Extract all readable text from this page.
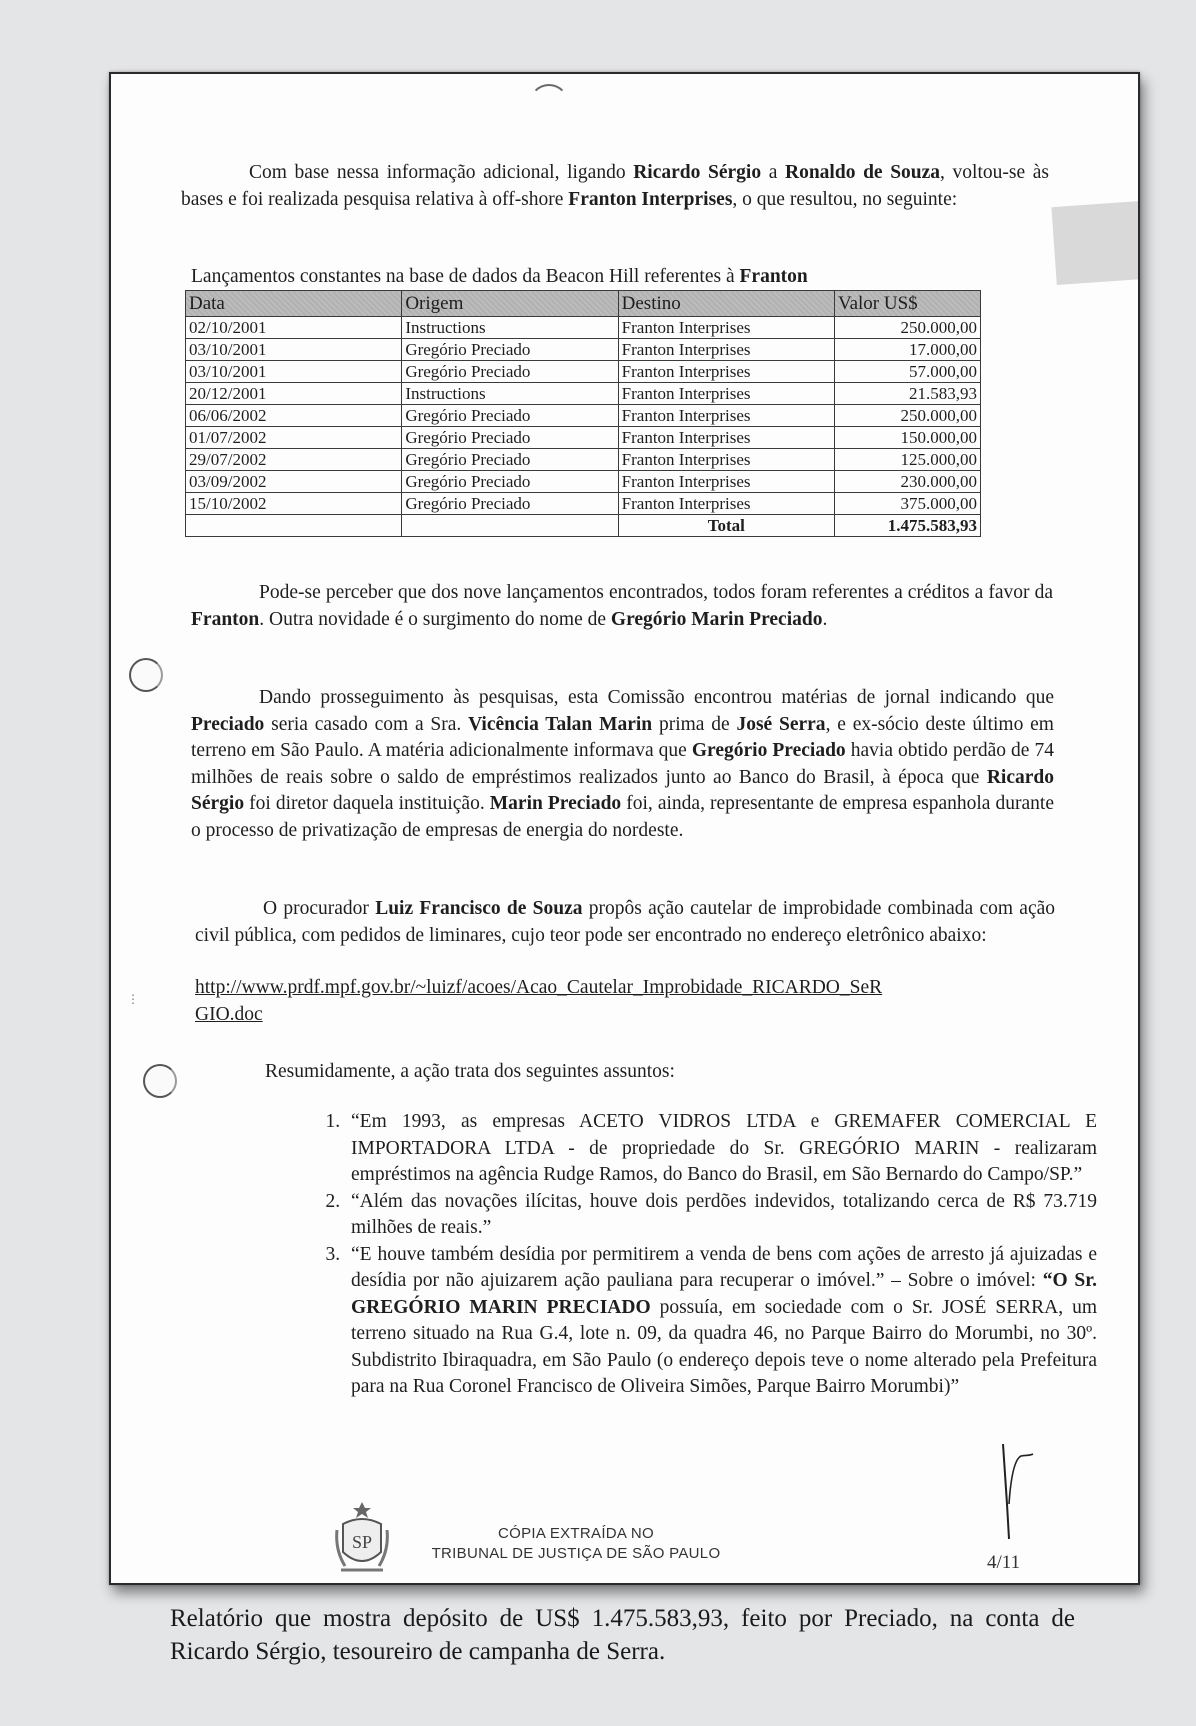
⋮
Com base nessa informação adicional, ligando Ricardo Sérgio a Ronaldo de Souza, voltou-se às bases e foi realizada pesquisa relativa à off-shore Franton Interprises, o que resultou, no seguinte:
Lançamentos constantes na base de dados da Beacon Hill referentes à Franton
Data	Origem	Destino	Valor US$
02/10/2001	Instructions	Franton Interprises	250.000,00
03/10/2001	Gregório Preciado	Franton Interprises	17.000,00
03/10/2001	Gregório Preciado	Franton Interprises	57.000,00
20/12/2001	Instructions	Franton Interprises	21.583,93
06/06/2002	Gregório Preciado	Franton Interprises	250.000,00
01/07/2002	Gregório Preciado	Franton Interprises	150.000,00
29/07/2002	Gregório Preciado	Franton Interprises	125.000,00
03/09/2002	Gregório Preciado	Franton Interprises	230.000,00
15/10/2002	Gregório Preciado	Franton Interprises	375.000,00
		Total	1.475.583,93
Pode-se perceber que dos nove lançamentos encontrados, todos foram referentes a créditos a favor da Franton. Outra novidade é o surgimento do nome de Gregório Marin Preciado.
Dando prosseguimento às pesquisas, esta Comissão encontrou matérias de jornal indicando que Preciado seria casado com a Sra. Vicência Talan Marin prima de José Serra, e ex-sócio deste último em terreno em São Paulo. A matéria adicionalmente informava que Gregório Preciado havia obtido perdão de 74 milhões de reais sobre o saldo de empréstimos realizados junto ao Banco do Brasil, à época que Ricardo Sérgio foi diretor daquela instituição. Marin Preciado foi, ainda, representante de empresa espanhola durante o processo de privatização de empresas de energia do nordeste.
O procurador Luiz Francisco de Souza propôs ação cautelar de improbidade combinada com ação civil pública, com pedidos de liminares, cujo teor pode ser encontrado no endereço eletrônico abaixo:
http://www.prdf.mpf.gov.br/~luizf/acoes/Acao_Cautelar_Improbidade_RICARDO_SeR
GIO.doc
Resumidamente, a ação trata dos seguintes assuntos:
1. “Em 1993, as empresas ACETO VIDROS LTDA e GREMAFER COMERCIAL E IMPORTADORA LTDA - de propriedade do Sr. GREGÓRIO MARIN - realizaram empréstimos na agência Rudge Ramos, do Banco do Brasil, em São Bernardo do Campo/SP.”
2. “Além das novações ilícitas, houve dois perdões indevidos, totalizando cerca de R$ 73.719 milhões de reais.”
3. “E houve também desídia por permitirem a venda de bens com ações de arresto já ajuizadas e desídia por não ajuizarem ação pauliana para recuperar o imóvel.” – Sobre o imóvel: “O Sr. GREGÓRIO MARIN PRECIADO possuía, em sociedade com o Sr. JOSÉ SERRA, um terreno situado na Rua G.4, lote n. 09, da quadra 46, no Parque Bairro do Morumbi, no 30º. Subdistrito Ibiraquadra, em São Paulo (o endereço depois teve o nome alterado pela Prefeitura para na Rua Coronel Francisco de Oliveira Simões, Parque Bairro Morumbi)”
SP	CÓPIA EXTRAÍDA NO
TRIBUNAL DE JUSTIÇA DE SÃO PAULO	4/11
Relatório que mostra depósito de US$ 1.475.583,93, feito por Preciado, na conta de Ricardo Sérgio, tesoureiro de campanha de Serra.
